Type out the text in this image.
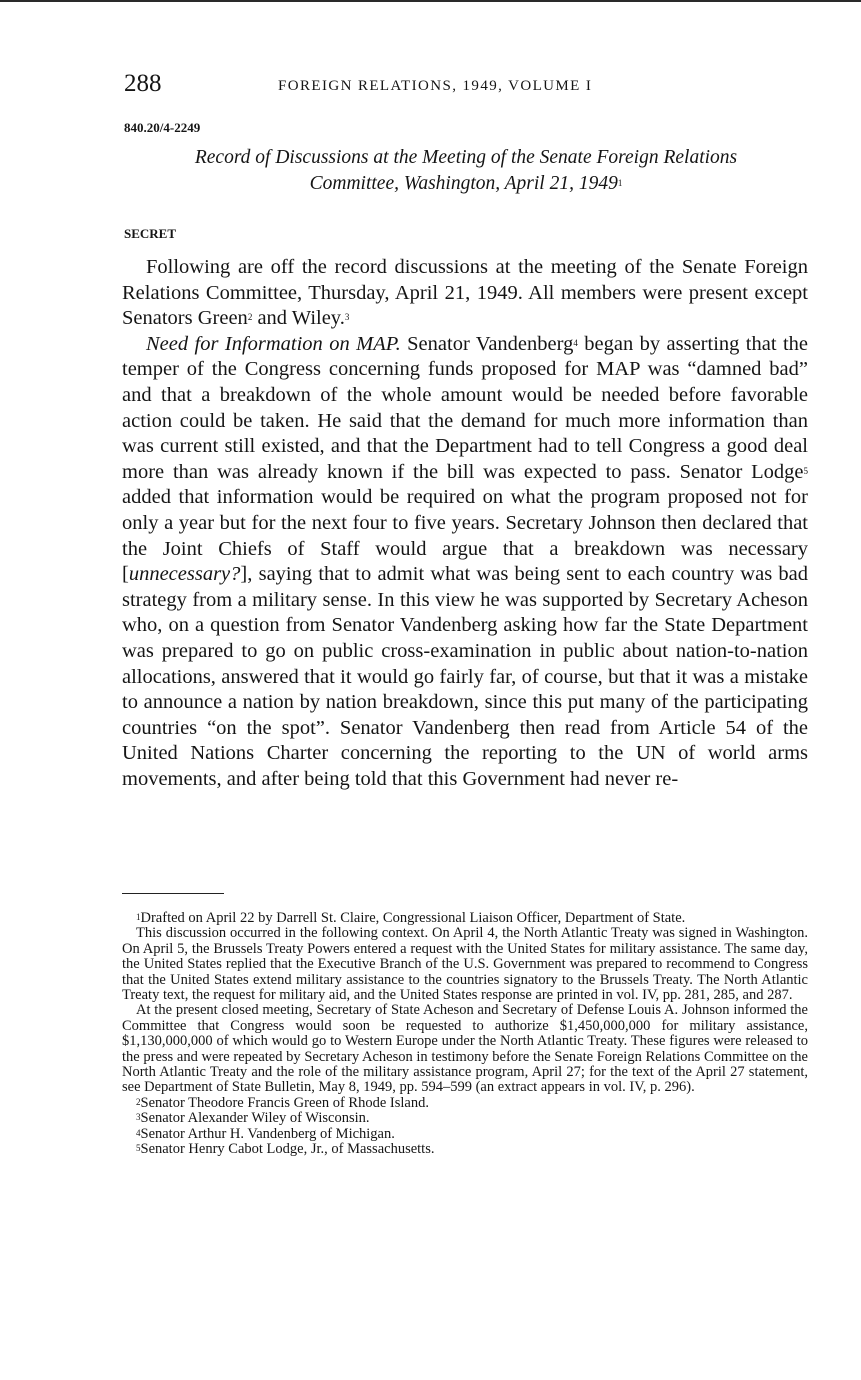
288	FOREIGN RELATIONS, 1949, VOLUME I
840.20/4-2249
Record of Discussions at the Meeting of the Senate Foreign Relations
Committee, Washington, April 21, 1949$^1$
SECRET

Following are off the record discussions at the meeting of the Senate Foreign Relations Committee, Thursday, April 21, 1949. All members were present except Senators Green$^2$ and Wiley.$^3$

Need for Information on MAP. Senator Vandenberg$^4$ began by asserting that the temper of the Congress concerning funds proposed for MAP was “damned bad” and that a breakdown of the whole amount would be needed before favorable action could be taken. He said that the demand for much more information than was current still existed, and that the Department had to tell Congress a good deal more than was already known if the bill was expected to pass. Senator Lodge$^5$ added that information would be required on what the program proposed not for only a year but for the next four to five years. Secretary Johnson then declared that the Joint Chiefs of Staff would argue that a breakdown was necessary [unnecessary?], saying that to admit what was being sent to each country was bad strategy from a military sense. In this view he was supported by Secretary Acheson who, on a question from Senator Vandenberg asking how far the State Department was prepared to go on public cross-examination in public about nation-to-nation allocations, answered that it would go fairly far, of course, but that it was a mistake to announce a nation by nation breakdown, since this put many of the participating countries “on the spot”. Senator Vandenberg then read from Article 54 of the United Nations Charter concerning the reporting to the UN of world arms movements, and after being told that this Government had never re-

$^1$Drafted on April 22 by Darrell St. Claire, Congressional Liaison Officer, Department of State.

This discussion occurred in the following context. On April 4, the North Atlantic Treaty was signed in Washington. On April 5, the Brussels Treaty Powers entered a request with the United States for military assistance. The same day, the United States replied that the Executive Branch of the U.S. Government was prepared to recommend to Congress that the United States extend military assistance to the countries signatory to the Brussels Treaty. The North Atlantic Treaty text, the request for military aid, and the United States response are printed in vol. IV, pp. 281, 285, and 287.

At the present closed meeting, Secretary of State Acheson and Secretary of Defense Louis A. Johnson informed the Committee that Congress would soon be requested to authorize $1,450,000,000 for military assistance, $1,130,000,000 of which would go to Western Europe under the North Atlantic Treaty. These figures were released to the press and were repeated by Secretary Acheson in testimony before the Senate Foreign Relations Committee on the North Atlantic Treaty and the role of the military assistance program, April 27; for the text of the April 27 statement, see Department of State Bulletin, May 8, 1949, pp. 594–599 (an extract appears in vol. IV, p. 296).

$^2$Senator Theodore Francis Green of Rhode Island.

$^3$Senator Alexander Wiley of Wisconsin.

$^4$Senator Arthur H. Vandenberg of Michigan.

$^5$Senator Henry Cabot Lodge, Jr., of Massachusetts.
